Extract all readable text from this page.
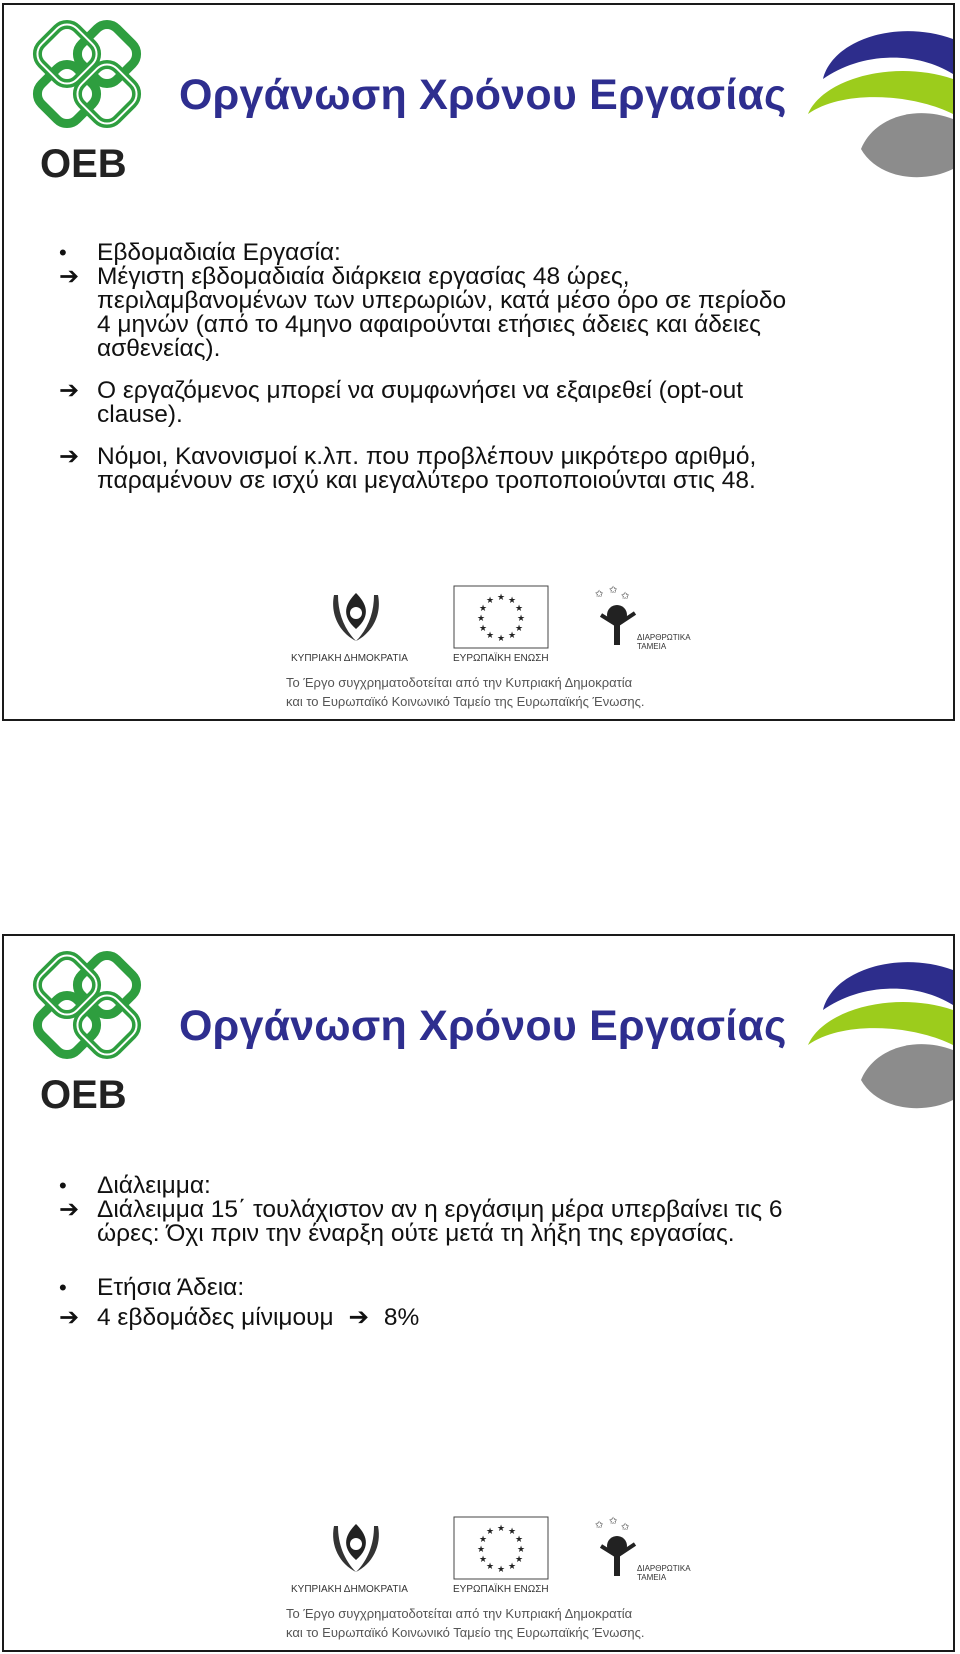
OEB
Οργάνωση Χρόνου Εργασίας
•	Εβδομαδιαία Εργασία:
➔ Μέγιστη εβδομαδιαία διάρκεια εργασίας 48 ώρες,
περιλαμβανομένων των υπερωριών, κατά μέσο όρο σε περίοδο
4 μηνών (από το 4μηνο αφαιρούνται ετήσιες άδειες και άδειες
ασθενείας).
➔ Ο εργαζόμενος μπορεί να συμφωνήσει να εξαιρεθεί (opt-out
clause).
➔ Νόμοι, Κανονισμοί κ.λπ. που προβλέπουν μικρότερο αριθμό,
παραμένουν σε ισχύ και μεγαλύτερο τροποποιούνται στις 48.
ΚΥΠΡΙΑΚΗ ΔΗΜΟΚΡΑΤΙΑ
★ ★
★
★
★
★
★
★
★
★
★
★
ΕΥΡΩΠΑΪΚΗ ΕΝΩΣΗ
✩ ✩
✩
ΔΙΑΡΘΡΩΤΙΚΑ ΤΑΜΕΙΑ
Το Έργο συγχρηματοδοτείται από την Κυπριακή Δημοκρατία
και το Ευρωπαϊκό Κοινωνικό Ταμείο της Ευρωπαϊκής Ένωσης.
OEB
Οργάνωση Χρόνου Εργασίας
•	Διάλειμμα:
➔ Διάλειμμα 15΄ τουλάχιστον αν η εργάσιμη μέρα υπερβαίνει τις 6
ώρες: Όχι πριν την έναρξη ούτε μετά τη λήξη της εργασίας.
•	Ετήσια Άδεια:
➔ 4 εβδομάδες μίνιμουμ ➔ 8%
ΚΥΠΡΙΑΚΗ ΔΗΜΟΚΡΑΤΙΑ
★ ★
★
★
★
★
★
★
★
★
★
★
ΕΥΡΩΠΑΪΚΗ ΕΝΩΣΗ
✩ ✩
✩
ΔΙΑΡΘΡΩΤΙΚΑ ΤΑΜΕΙΑ
Το Έργο συγχρηματοδοτείται από την Κυπριακή Δημοκρατία
και το Ευρωπαϊκό Κοινωνικό Ταμείο της Ευρωπαϊκής Ένωσης.
